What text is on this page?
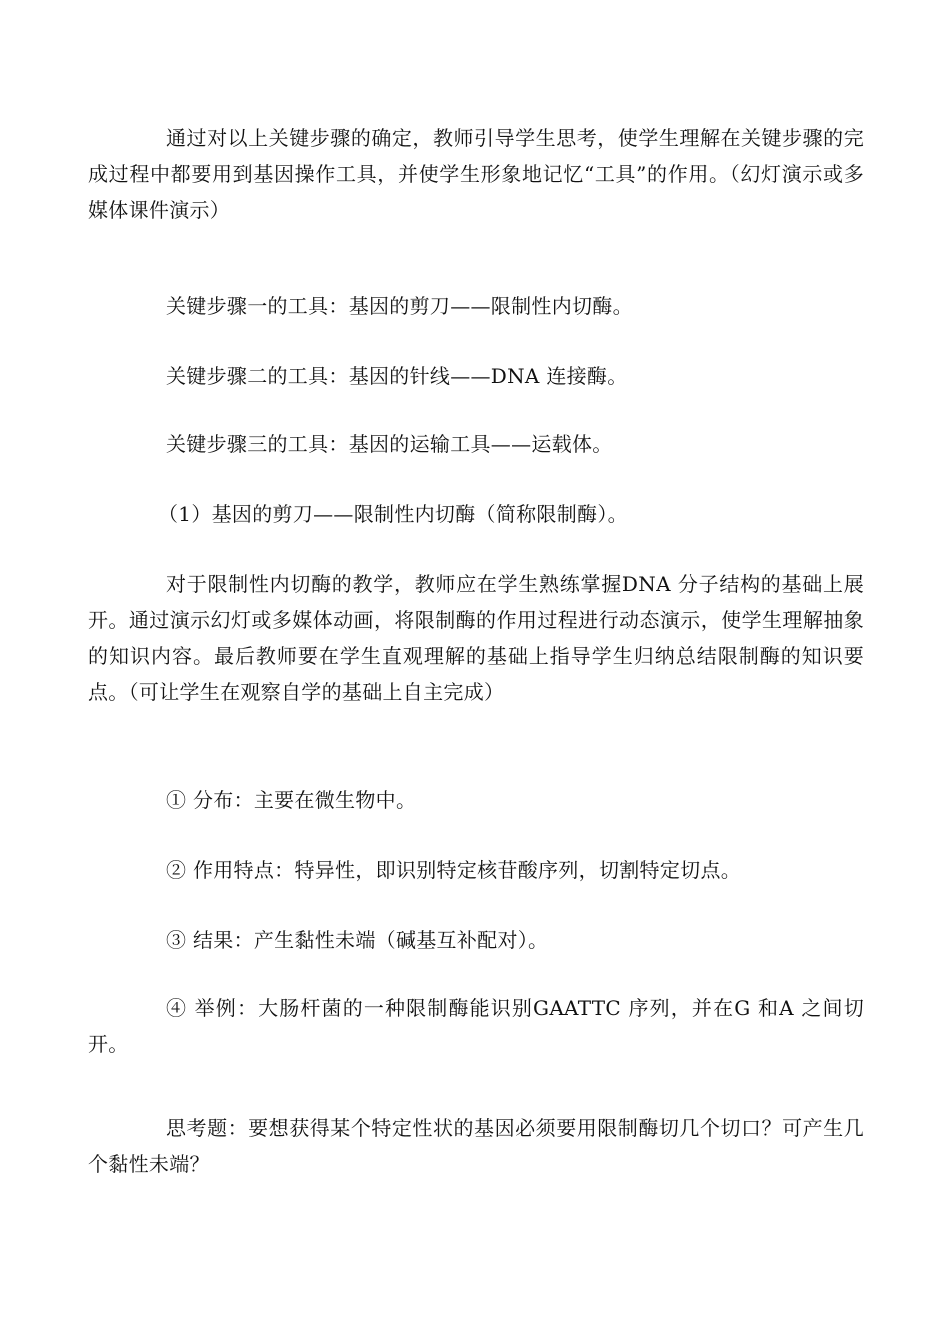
通过对以上关键步骤的确定，教师引导学生思考，使学生理解在关键步骤的完成过程中都要用到基因操作工具，并使学生形象地记忆“工具”的作用。（幻灯演示或多媒体课件演示）

关键步骤一的工具：基因的剪刀——限制性内切酶。

关键步骤二的工具：基因的针线——DNA 连接酶。

关键步骤三的工具：基因的运输工具——运载体。

（1）基因的剪刀——限制性内切酶（简称限制酶）。

对于限制性内切酶的教学，教师应在学生熟练掌握DNA 分子结构的基础上展开。通过演示幻灯或多媒体动画，将限制酶的作用过程进行动态演示，使学生理解抽象的知识内容。最后教师要在学生直观理解的基础上指导学生归纳总结限制酶的知识要点。（可让学生在观察自学的基础上自主完成）

① 分布：主要在微生物中。

② 作用特点：特异性，即识别特定核苷酸序列，切割特定切点。

③ 结果：产生黏性未端（碱基互补配对）。

④ 举例：大肠杆菌的一种限制酶能识别GAATTC 序列，并在G 和A 之间切开。

思考题：要想获得某个特定性状的基因必须要用限制酶切几个切口？可产生几个黏性未端？
